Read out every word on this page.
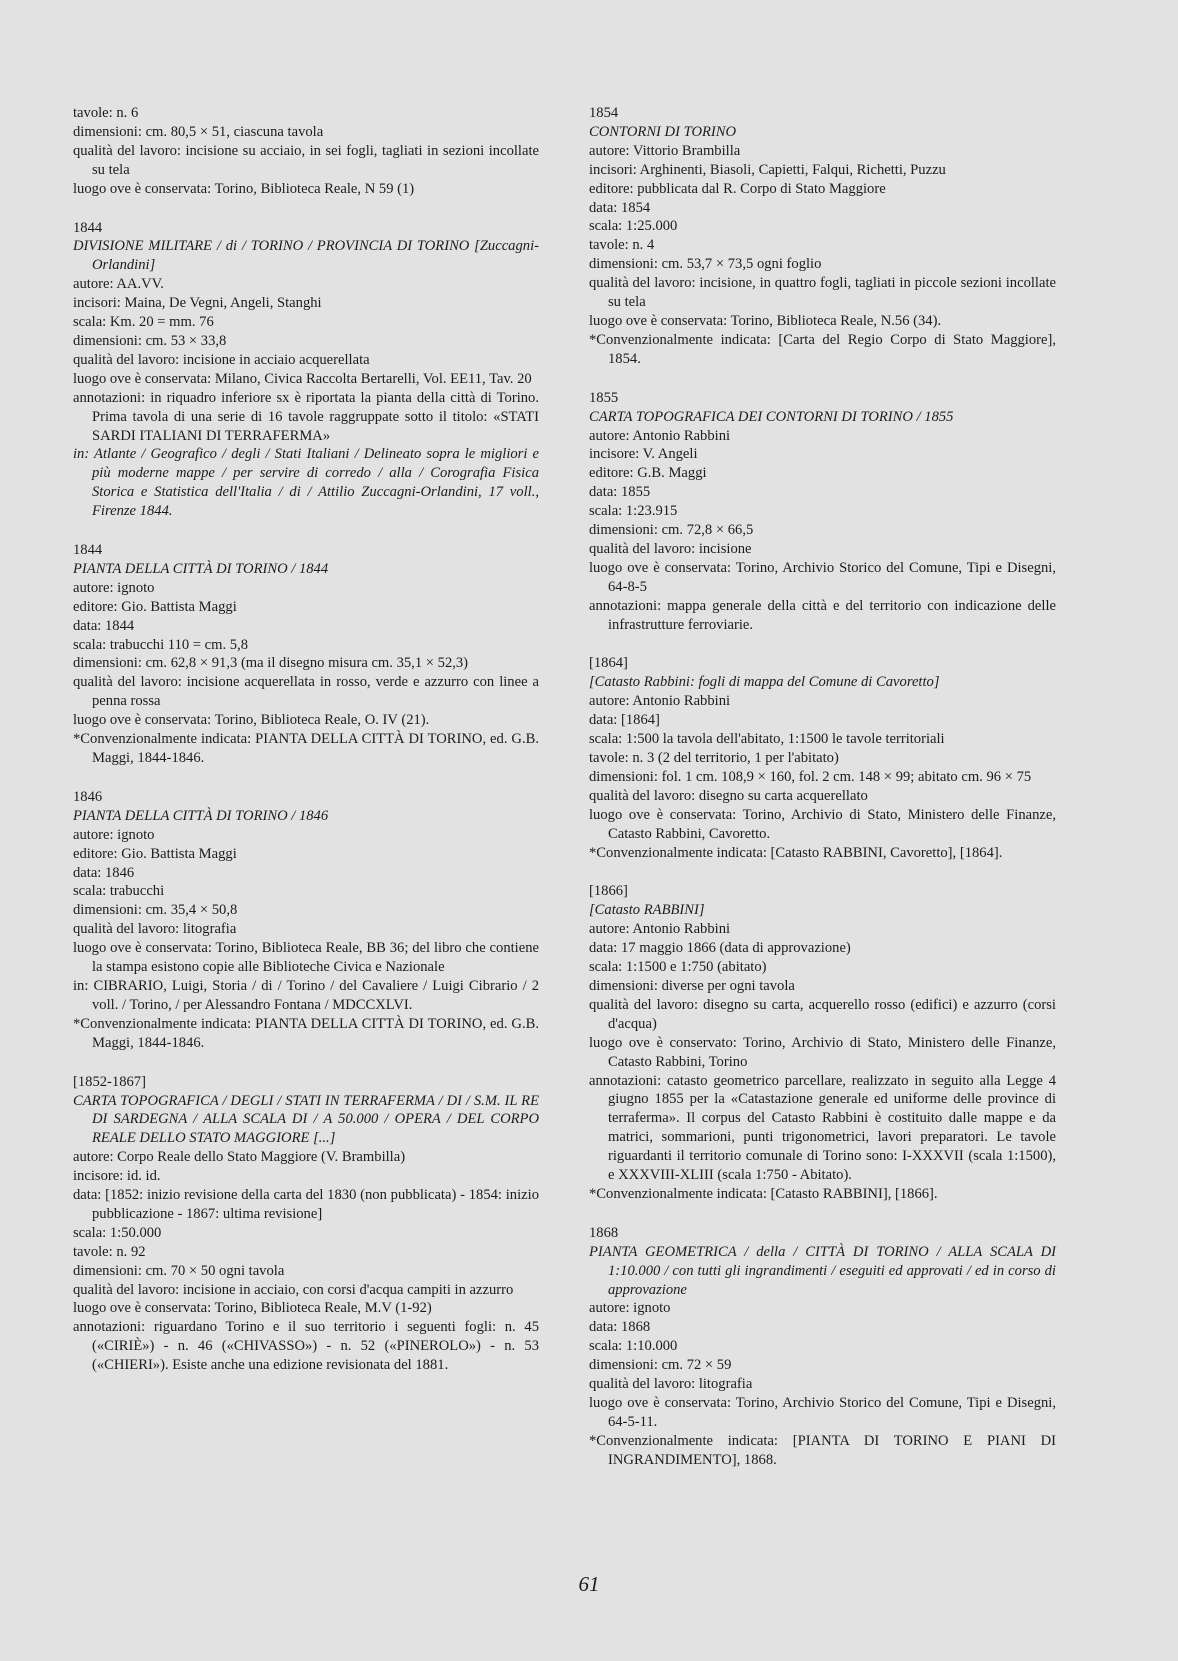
tavole: n. 6
dimensioni: cm. 80,5 × 51, ciascuna tavola
qualità del lavoro: incisione su acciaio, in sei fogli, tagliati in sezioni incollate su tela
luogo ove è conservata: Torino, Biblioteca Reale, N 59 (1)
1844
DIVISIONE MILITARE / di / TORINO / PROVINCIA DI TORINO [Zuccagni-Orlandini]
autore: AA.VV.
incisori: Maina, De Vegni, Angeli, Stanghi
scala: Km. 20 = mm. 76
dimensioni: cm. 53 × 33,8
qualità del lavoro: incisione in acciaio acquerellata
luogo ove è conservata: Milano, Civica Raccolta Bertarelli, Vol. EE11, Tav. 20
annotazioni: in riquadro inferiore sx è riportata la pianta della città di Torino. Prima tavola di una serie di 16 tavole raggruppate sotto il titolo: «STATI SARDI ITALIANI DI TERRAFERMA»
in: Atlante / Geografico / degli / Stati Italiani / Delineato sopra le migliori e più moderne mappe / per servire di corredo / alla / Corografia Fisica Storica e Statistica dell'Italia / di / Attilio Zuccagni-Orlandini, 17 voll., Firenze 1844.
1844
PIANTA DELLA CITTÀ DI TORINO / 1844
autore: ignoto
editore: Gio. Battista Maggi
data: 1844
scala: trabucchi 110 = cm. 5,8
dimensioni: cm. 62,8 × 91,3 (ma il disegno misura cm. 35,1 × 52,3)
qualità del lavoro: incisione acquerellata in rosso, verde e azzurro con linee a penna rossa
luogo ove è conservata: Torino, Biblioteca Reale, O. IV (21).
*Convenzionalmente indicata: PIANTA DELLA CITTÀ DI TORINO, ed. G.B. Maggi, 1844-1846.
1846
PIANTA DELLA CITTÀ DI TORINO / 1846
autore: ignoto
editore: Gio. Battista Maggi
data: 1846
scala: trabucchi
dimensioni: cm. 35,4 × 50,8
qualità del lavoro: litografia
luogo ove è conservata: Torino, Biblioteca Reale, BB 36; del libro che contiene la stampa esistono copie alle Biblioteche Civica e Nazionale
in: CIBRARIO, Luigi, Storia / di / Torino / del Cavaliere / Luigi Cibrario / 2 voll. / Torino, / per Alessandro Fontana / MDCCXLVI.
*Convenzionalmente indicata: PIANTA DELLA CITTÀ DI TORINO, ed. G.B. Maggi, 1844-1846.
[1852-1867]
CARTA TOPOGRAFICA / DEGLI / STATI IN TERRAFERMA / DI / S.M. IL RE DI SARDEGNA / ALLA SCALA DI / A 50.000 / OPERA / DEL CORPO REALE DELLO STATO MAGGIORE [...]
autore: Corpo Reale dello Stato Maggiore (V. Brambilla)
incisore: id. id.
data: [1852: inizio revisione della carta del 1830 (non pubblicata) - 1854: inizio pubblicazione - 1867: ultima revisione]
scala: 1:50.000
tavole: n. 92
dimensioni: cm. 70 × 50 ogni tavola
qualità del lavoro: incisione in acciaio, con corsi d'acqua campiti in azzurro
luogo ove è conservata: Torino, Biblioteca Reale, M.V (1-92)
annotazioni: riguardano Torino e il suo territorio i seguenti fogli: n. 45 («CIRIÈ») - n. 46 («CHIVASSO») - n. 52 («PINEROLO») - n. 53 («CHIERI»). Esiste anche una edizione revisionata del 1881.
1854
CONTORNI DI TORINO
autore: Vittorio Brambilla
incisori: Arghinenti, Biasoli, Capietti, Falqui, Richetti, Puzzu
editore: pubblicata dal R. Corpo di Stato Maggiore
data: 1854
scala: 1:25.000
tavole: n. 4
dimensioni: cm. 53,7 × 73,5 ogni foglio
qualità del lavoro: incisione, in quattro fogli, tagliati in piccole sezioni incollate su tela
luogo ove è conservata: Torino, Biblioteca Reale, N.56 (34).
*Convenzionalmente indicata: [Carta del Regio Corpo di Stato Maggiore], 1854.
1855
CARTA TOPOGRAFICA DEI CONTORNI DI TORINO / 1855
autore: Antonio Rabbini
incisore: V. Angeli
editore: G.B. Maggi
data: 1855
scala: 1:23.915
dimensioni: cm. 72,8 × 66,5
qualità del lavoro: incisione
luogo ove è conservata: Torino, Archivio Storico del Comune, Tipi e Disegni, 64-8-5
annotazioni: mappa generale della città e del territorio con indicazione delle infrastrutture ferroviarie.
[1864]
[Catasto Rabbini: fogli di mappa del Comune di Cavoretto]
autore: Antonio Rabbini
data: [1864]
scala: 1:500 la tavola dell'abitato, 1:1500 le tavole territoriali
tavole: n. 3 (2 del territorio, 1 per l'abitato)
dimensioni: fol. 1 cm. 108,9 × 160, fol. 2 cm. 148 × 99; abitato cm. 96 × 75
qualità del lavoro: disegno su carta acquerellato
luogo ove è conservata: Torino, Archivio di Stato, Ministero delle Finanze, Catasto Rabbini, Cavoretto.
*Convenzionalmente indicata: [Catasto RABBINI, Cavoretto], [1864].
[1866]
[Catasto RABBINI]
autore: Antonio Rabbini
data: 17 maggio 1866 (data di approvazione)
scala: 1:1500 e 1:750 (abitato)
dimensioni: diverse per ogni tavola
qualità del lavoro: disegno su carta, acquerello rosso (edifici) e azzurro (corsi d'acqua)
luogo ove è conservato: Torino, Archivio di Stato, Ministero delle Finanze, Catasto Rabbini, Torino
annotazioni: catasto geometrico parcellare, realizzato in seguito alla Legge 4 giugno 1855 per la «Catastazione generale ed uniforme delle province di terraferma». Il corpus del Catasto Rabbini è costituito dalle mappe e da matrici, sommarioni, punti trigonometrici, lavori preparatori. Le tavole riguardanti il territorio comunale di Torino sono: I-XXXVII (scala 1:1500), e XXXVIII-XLIII (scala 1:750 - Abitato).
*Convenzionalmente indicata: [Catasto RABBINI], [1866].
1868
PIANTA GEOMETRICA / della / CITTÀ DI TORINO / ALLA SCALA DI 1:10.000 / con tutti gli ingrandimenti / eseguiti ed approvati / ed in corso di approvazione
autore: ignoto
data: 1868
scala: 1:10.000
dimensioni: cm. 72 × 59
qualità del lavoro: litografia
luogo ove è conservata: Torino, Archivio Storico del Comune, Tipi e Disegni, 64-5-11.
*Convenzionalmente indicata: [PIANTA DI TORINO E PIANI DI INGRANDIMENTO], 1868.
61
